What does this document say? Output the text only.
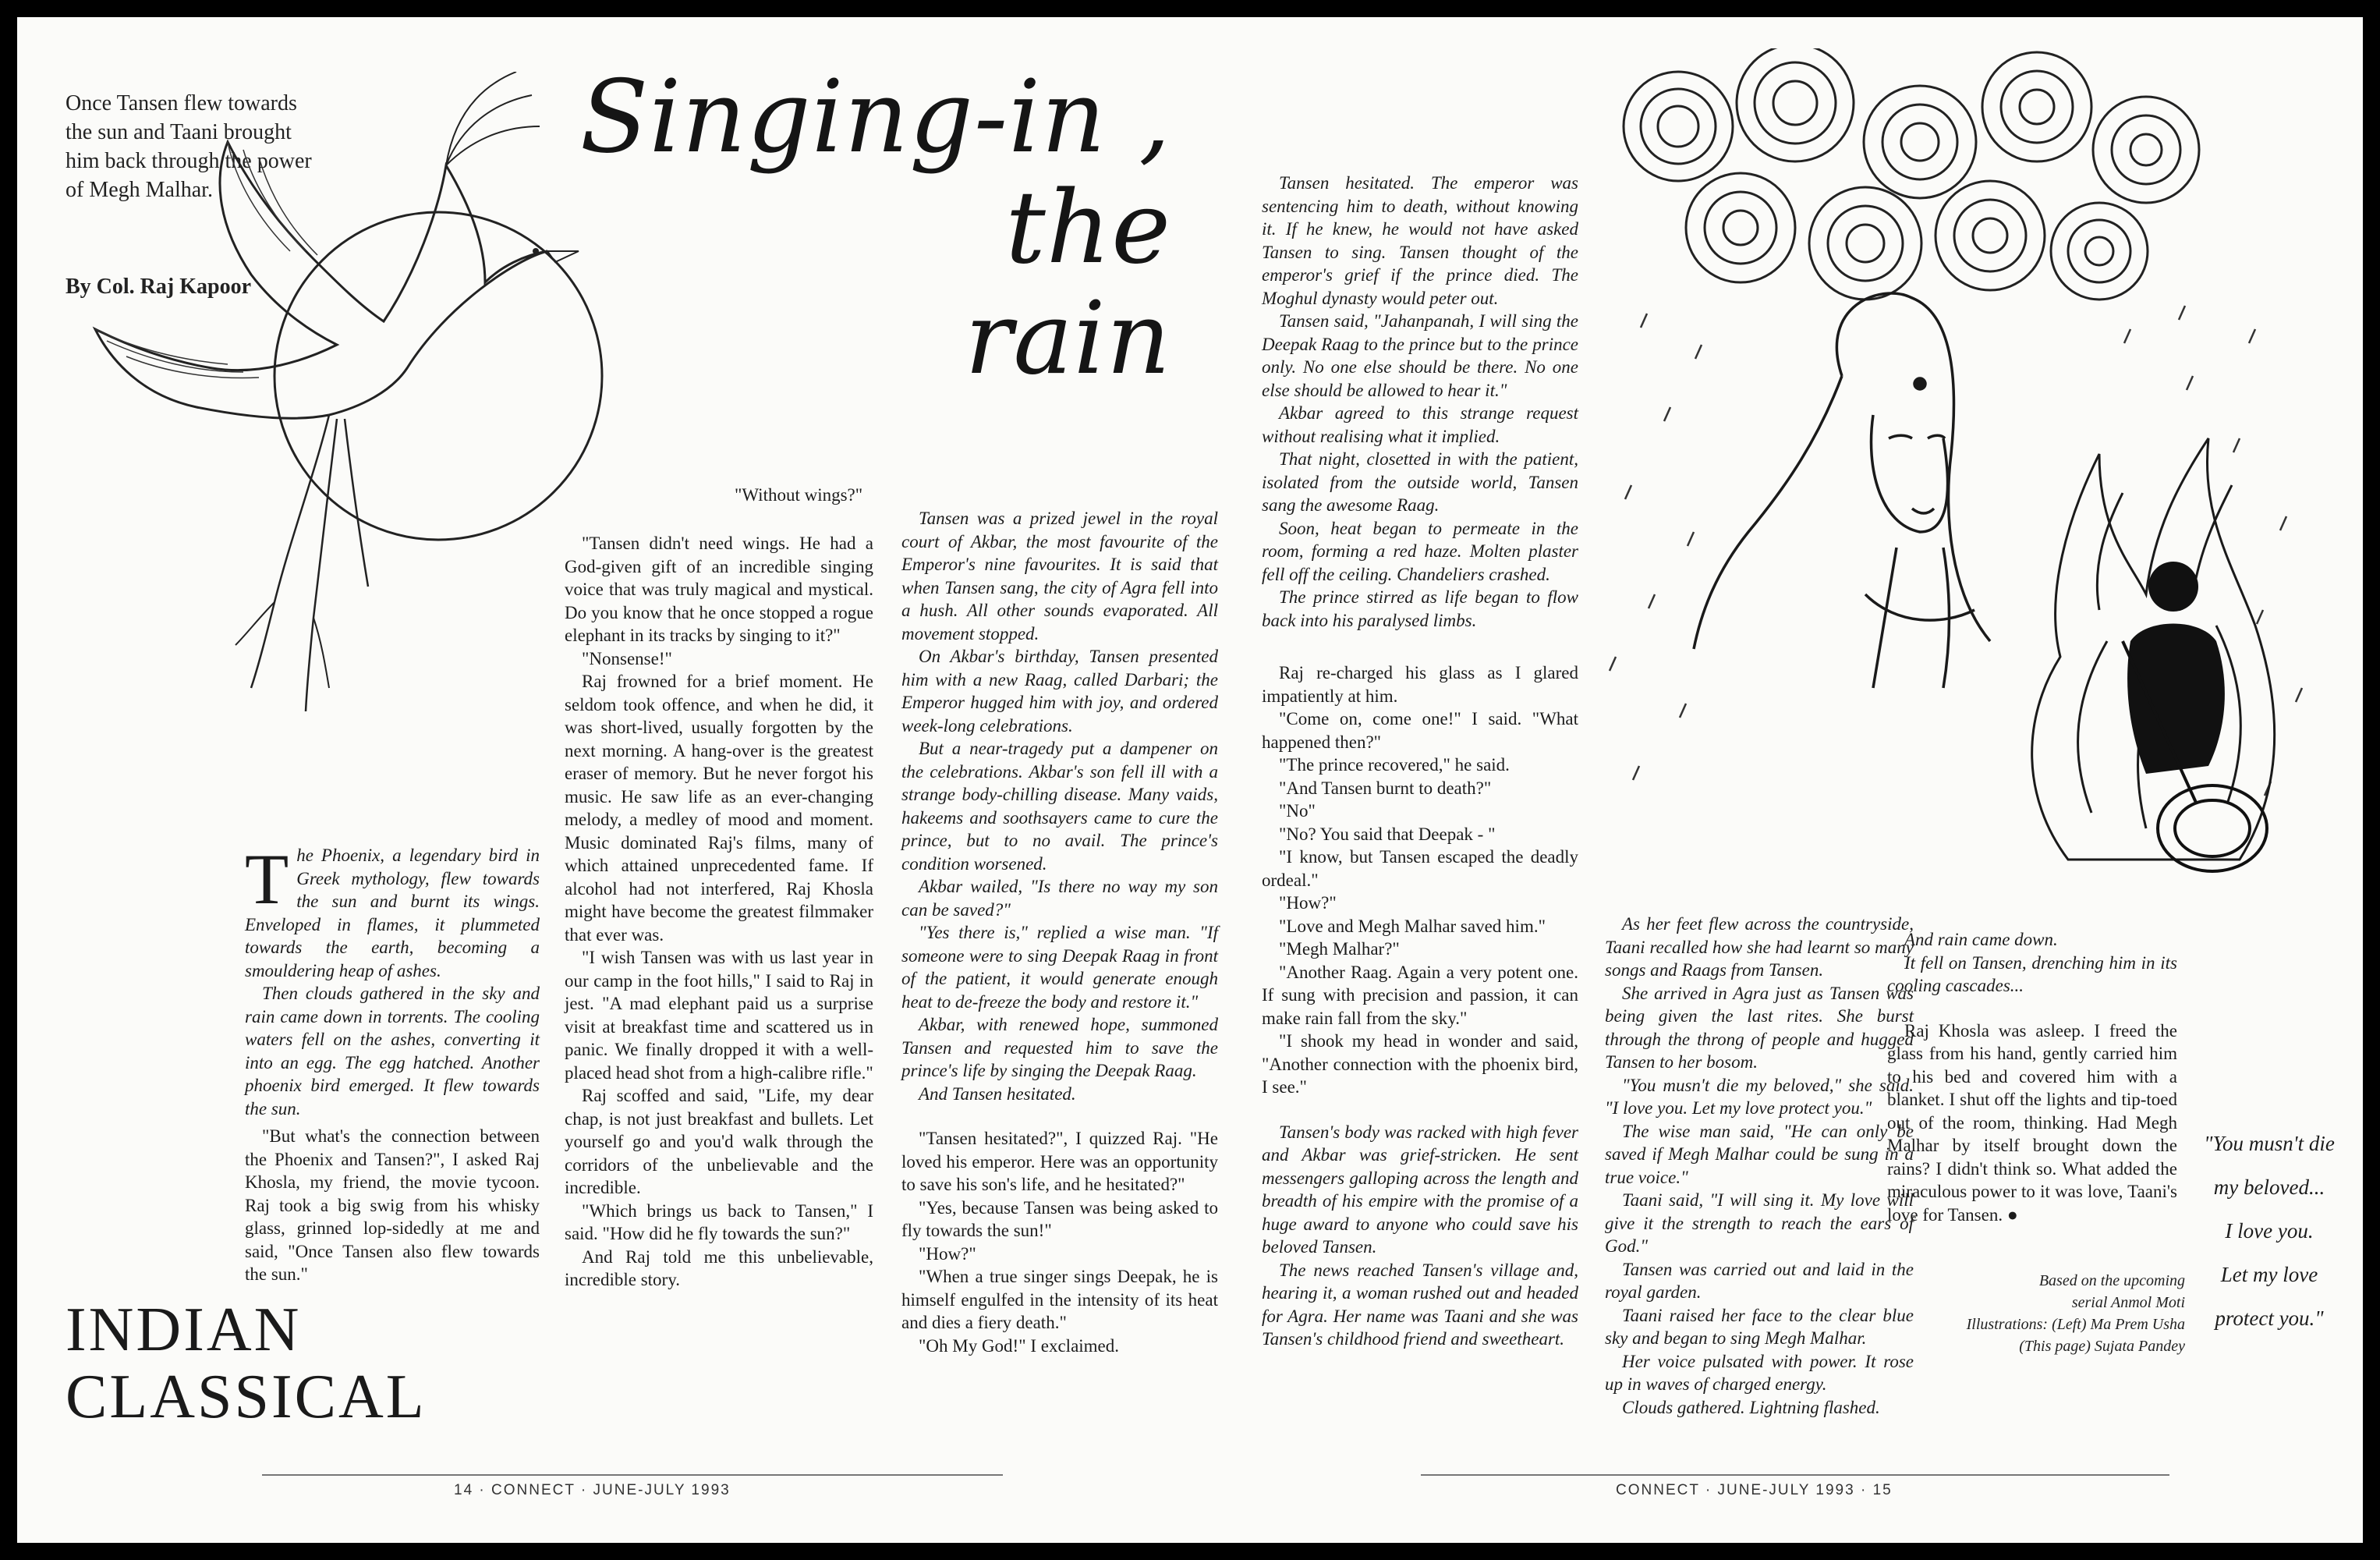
Once Tansen flew towards the sun and Taani brought him back through the power of Megh Malhar.
By Col. Raj Kapoor
Singing-in ,
the
rain

The Phoenix, a legendary bird in Greek mythology, flew towards the sun and burnt its wings. Enveloped in flames, it plummeted towards the earth, becoming a smouldering heap of ashes.

Then clouds gathered in the sky and rain came down in torrents. The cooling waters fell on the ashes, converting it into an egg. The egg hatched. Another phoenix bird emerged. It flew towards the sun.

"But what's the connection between the Phoenix and Tansen?", I asked Raj Khosla, my friend, the movie tycoon. Raj took a big swig from his whisky glass, grinned lop-sidedly at me and said, "Once Tansen also flew towards the sun."

INDIAN
CLASSICAL

"Without wings?"

"Tansen didn't need wings. He had a God-given gift of an incredible singing voice that was truly magical and mystical. Do you know that he once stopped a rogue elephant in its tracks by singing to it?"

"Nonsense!"

Raj frowned for a brief moment. He seldom took offence, and when he did, it was short-lived, usually forgotten by the next morning. A hang-over is the greatest eraser of memory. But he never forgot his music. He saw life as an ever-changing melody, a medley of mood and moment. Music dominated Raj's films, many of which attained unprecedented fame. If alcohol had not interfered, Raj Khosla might have become the greatest filmmaker that ever was.

"I wish Tansen was with us last year in our camp in the foot hills," I said to Raj in jest. "A mad elephant paid us a surprise visit at breakfast time and scattered us in panic. We finally dropped it with a well-placed head shot from a high-calibre rifle."

Raj scoffed and said, "Life, my dear chap, is not just breakfast and bullets. Let yourself go and you'd walk through the corridors of the unbelievable and the incredible.

"Which brings us back to Tansen," I said. "How did he fly towards the sun?"

And Raj told me this unbelievable, incredible story.

Tansen was a prized jewel in the royal court of Akbar, the most favourite of the Emperor's nine favourites. It is said that when Tansen sang, the city of Agra fell into a hush. All other sounds evaporated. All movement stopped.

On Akbar's birthday, Tansen presented him with a new Raag, called Darbari; the Emperor hugged him with joy, and ordered week-long celebrations.

But a near-tragedy put a dampener on the celebrations. Akbar's son fell ill with a strange body-chilling disease. Many vaids, hakeems and soothsayers came to cure the prince, but to no avail. The prince's condition worsened.

Akbar wailed, "Is there no way my son can be saved?"

"Yes there is," replied a wise man. "If someone were to sing Deepak Raag in front of the patient, it would generate enough heat to de-freeze the body and restore it."

Akbar, with renewed hope, summoned Tansen and requested him to save the prince's life by singing the Deepak Raag.

And Tansen hesitated.

"Tansen hesitated?", I quizzed Raj. "He loved his emperor. Here was an opportunity to save his son's life, and he hesitated?"

"Yes, because Tansen was being asked to fly towards the sun!"

"How?"

"When a true singer sings Deepak, he is himself engulfed in the intensity of its heat and dies a fiery death."

"Oh My God!" I exclaimed.

14 · CONNECT · JUNE-JULY 1993

Tansen hesitated. The emperor was sentencing him to death, without knowing it. If he knew, he would not have asked Tansen to sing. Tansen thought of the emperor's grief if the prince died. The Moghul dynasty would peter out.

Tansen said, "Jahanpanah, I will sing the Deepak Raag to the prince but to the prince only. No one else should be there. No one else should be allowed to hear it."

Akbar agreed to this strange request without realising what it implied.

That night, closetted in with the patient, isolated from the outside world, Tansen sang the awesome Raag.

Soon, heat began to permeate in the room, forming a red haze. Molten plaster fell off the ceiling. Chandeliers crashed.

The prince stirred as life began to flow back into his paralysed limbs.

Raj re-charged his glass as I glared impatiently at him.

"Come on, come one!" I said. "What happened then?"

"The prince recovered," he said.

"And Tansen burnt to death?"

"No"

"No? You said that Deepak - "

"I know, but Tansen escaped the deadly ordeal."

"How?"

"Love and Megh Malhar saved him."

"Megh Malhar?"

"Another Raag. Again a very potent one. If sung with precision and passion, it can make rain fall from the sky."

"I shook my head in wonder and said, "Another connection with the phoenix bird, I see."

Tansen's body was racked with high fever and Akbar was grief-stricken. He sent messengers galloping across the length and breadth of his empire with the promise of a huge award to anyone who could save his beloved Tansen.

The news reached Tansen's village and, hearing it, a woman rushed out and headed for Agra. Her name was Taani and she was Tansen's childhood friend and sweetheart.

As her feet flew across the countryside, Taani recalled how she had learnt so many songs and Raags from Tansen.

She arrived in Agra just as Tansen was being given the last rites. She burst through the throng of people and hugged Tansen to her bosom.

"You musn't die my beloved," she said. "I love you. Let my love protect you."

The wise man said, "He can only be saved if Megh Malhar could be sung in a true voice."

Taani said, "I will sing it. My love will give it the strength to reach the ears of God."

Tansen was carried out and laid in the royal garden.

Taani raised her face to the clear blue sky and began to sing Megh Malhar.

Her voice pulsated with power. It rose up in waves of charged energy.

Clouds gathered. Lightning flashed.

And rain came down.

It fell on Tansen, drenching him in its cooling cascades...

Raj Khosla was asleep. I freed the glass from his hand, gently carried him to his bed and covered him with a blanket. I shut off the lights and tip-toed out of the room, thinking. Had Megh Malhar by itself brought down the rains? I didn't think so. What added the miraculous power to it was love, Taani's love for Tansen. ●

"You musn't die
my beloved...
I love you.
Let my love
protect you."
Based on the upcoming
serial Anmol Moti
Illustrations: (Left) Ma Prem Usha
(This page) Sujata Pandey
CONNECT · JUNE-JULY 1993 · 15
